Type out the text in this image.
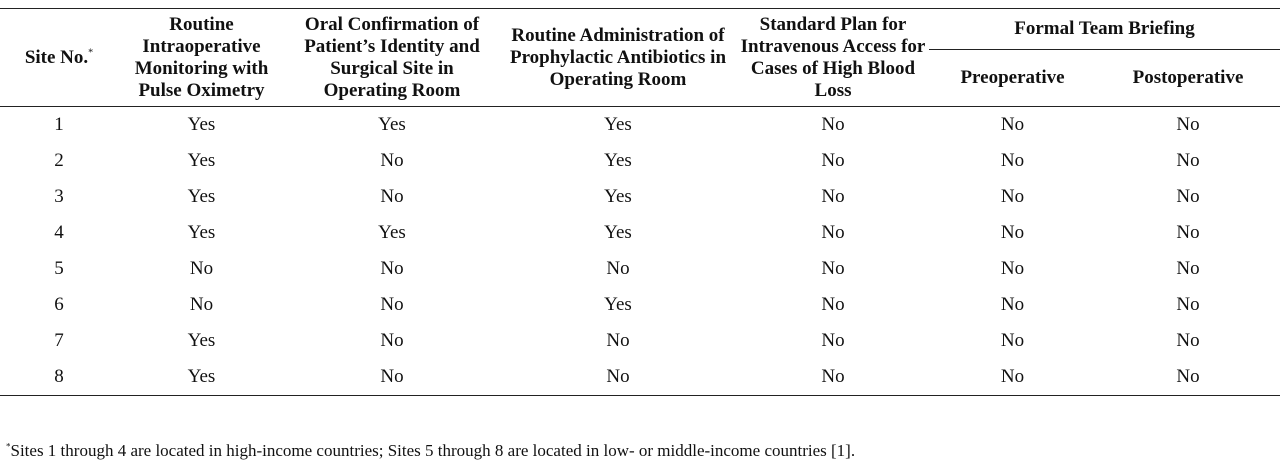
Site No.*	Routine Intraoperative Monitoring with Pulse Oximetry	Oral Confirmation of Patient’s Identity and Surgical Site in Operating Room	Routine Administration of Prophylactic Antibiotics in Operating Room	Standard Plan for Intravenous Access for Cases of High Blood Loss	Formal Team Briefing	
					Preoperative	Postoperative
1	Yes	Yes	Yes	No	No	No
2	Yes	No	Yes	No	No	No
3	Yes	No	Yes	No	No	No
4	Yes	Yes	Yes	No	No	No
5	No	No	No	No	No	No
6	No	No	Yes	No	No	No
7	Yes	No	No	No	No	No
8	Yes	No	No	No	No	No
*Sites 1 through 4 are located in high-income countries; Sites 5 through 8 are located in low- or middle-income countries [1].
